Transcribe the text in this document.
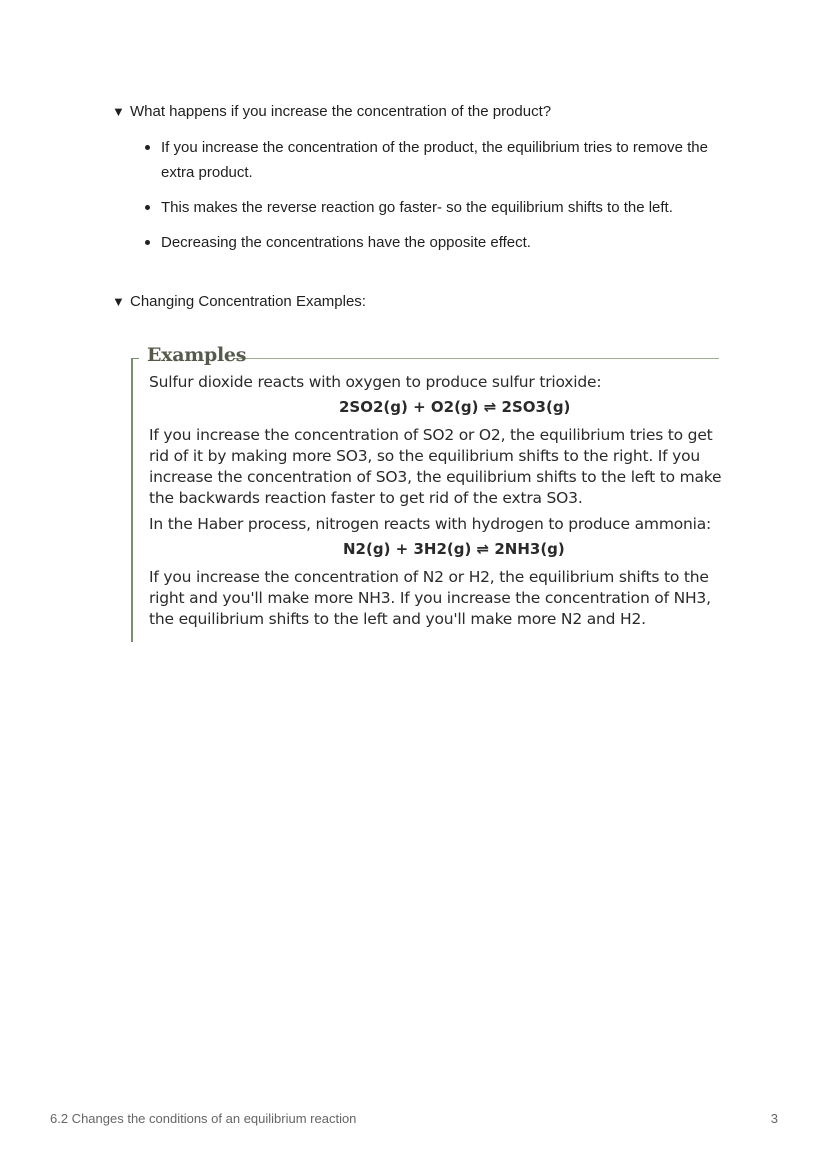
▼ What happens if you increase the concentration of the product?
If you increase the concentration of the product, the equilibrium tries to remove the extra product.
This makes the reverse reaction go faster- so the equilibrium shifts to the left.
Decreasing the concentrations have the opposite effect.
▼ Changing Concentration Examples:
Examples
Sulfur dioxide reacts with oxygen to produce sulfur trioxide:
2SO2(g) + O2(g) ⇌ 2SO3(g)
If you increase the concentration of SO2 or O2, the equilibrium tries to get
rid of it by making more SO3, so the equilibrium shifts to the right. If you
increase the concentration of SO3, the equilibrium shifts to the left to make
the backwards reaction faster to get rid of the extra SO3.
In the Haber process, nitrogen reacts with hydrogen to produce ammonia:
N2(g) + 3H2(g) ⇌ 2NH3(g)
If you increase the concentration of N2 or H2, the equilibrium shifts to the
right and you'll make more NH3. If you increase the concentration of NH3,
the equilibrium shifts to the left and you'll make more N2 and H2.
6.2 Changes the conditions of an equilibrium reaction	3
